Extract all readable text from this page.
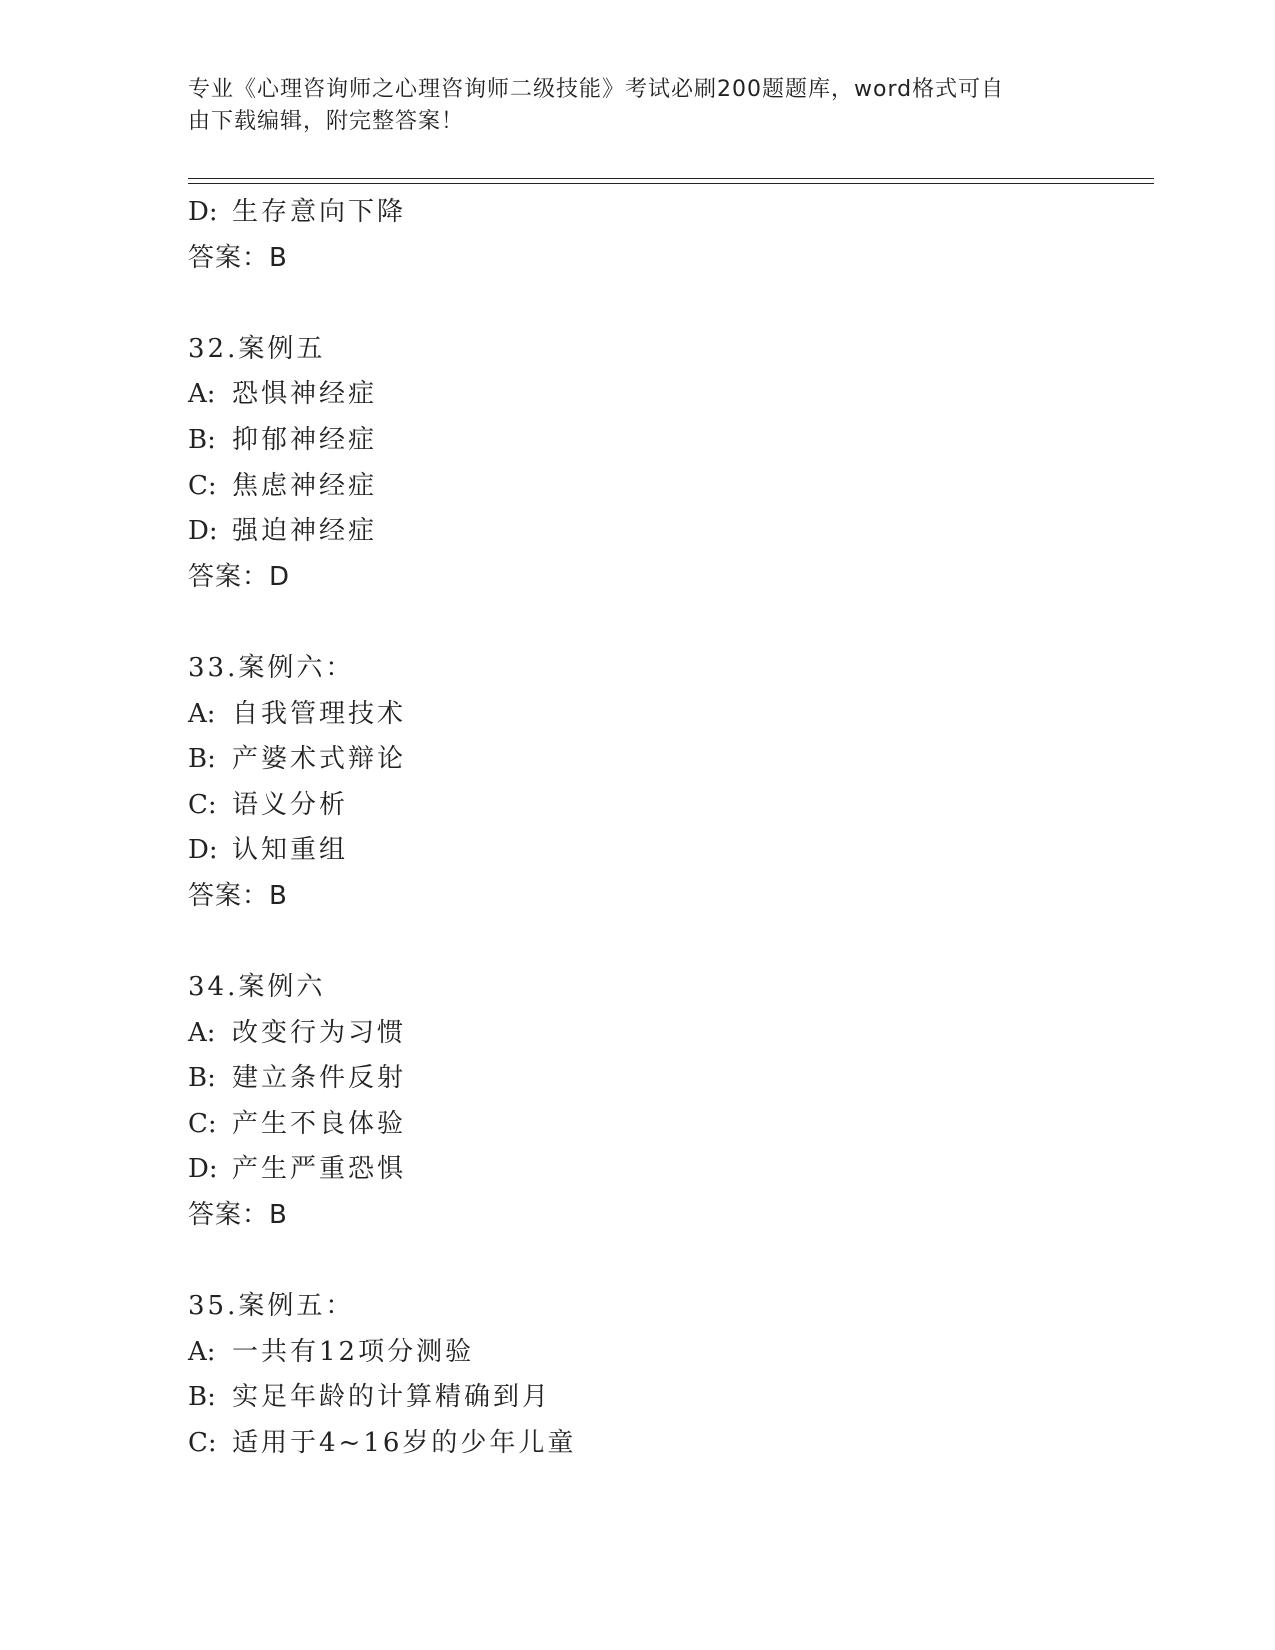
专业《心理咨询师之心理咨询师二级技能》考试必刷200题题库，word格式可自
由下载编辑，附完整答案！
D: 生存意向下降
答案：B
32.案例五
A: 恐惧神经症
B: 抑郁神经症
C: 焦虑神经症
D: 强迫神经症
答案：D
33.案例六：
A: 自我管理技术
B: 产婆术式辩论
C: 语义分析
D: 认知重组
答案：B
34.案例六
A: 改变行为习惯
B: 建立条件反射
C: 产生不良体验
D: 产生严重恐惧
答案：B
35.案例五：
A: 一共有12项分测验
B: 实足年龄的计算精确到月
C: 适用于4~16岁的少年儿童
